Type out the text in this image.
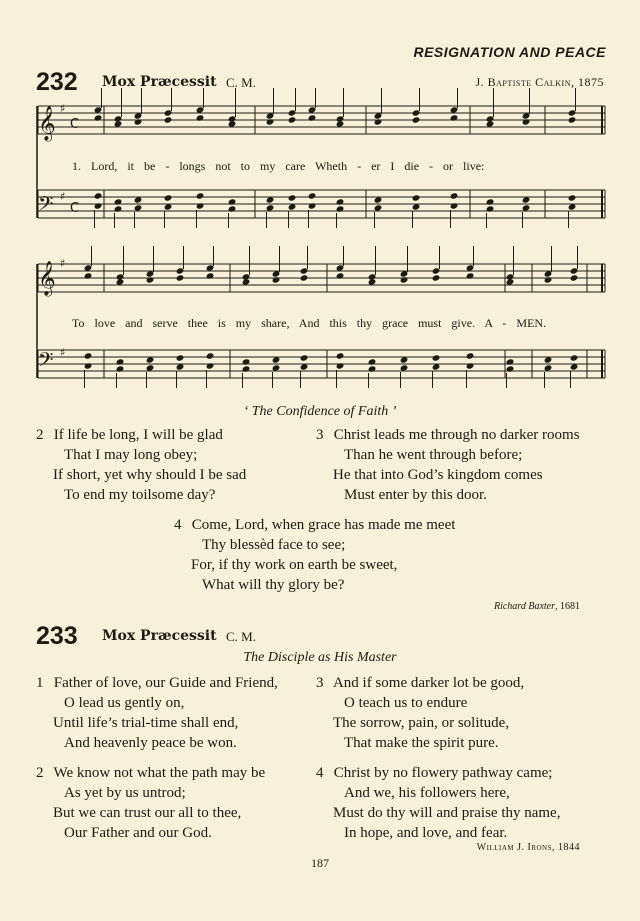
RESIGNATION AND PEACE
232 Mox Præcessit C. M.	J. Baptiste Calkin, 1875
𝄞
𝄢
𝄞
𝄢
♯
♯
♯
♯
C
C
1. Lord, it be - longs not to my care Wheth - er I die - or live:
To love and serve thee is my share, And this thy grace must give. A - MEN.
‘ The Confidence of Faith ’
2 If life be long, I will be glad
That I may long obey;
If short, yet why should I be sad
To end my toilsome day?
3 Christ leads me through no darker rooms
Than he went through before;
He that into God’s kingdom comes
Must enter by this door.
4 Come, Lord, when grace has made me meet
Thy blessèd face to see;
For, if thy work on earth be sweet,
What will thy glory be?
Richard Baxter, 1681
233 Mox Præcessit C. M.
The Disciple as His Master
1 Father of love, our Guide and Friend,
O lead us gently on,
Until life’s trial-time shall end,
And heavenly peace be won.
3 And if some darker lot be good,
O teach us to endure
The sorrow, pain, or solitude,
That make the spirit pure.
2 We know not what the path may be
As yet by us untrod;
But we can trust our all to thee,
Our Father and our God.
4 Christ by no flowery pathway came;
And we, his followers here,
Must do thy will and praise thy name,
In hope, and love, and fear.
William J. Irons, 1844
187
